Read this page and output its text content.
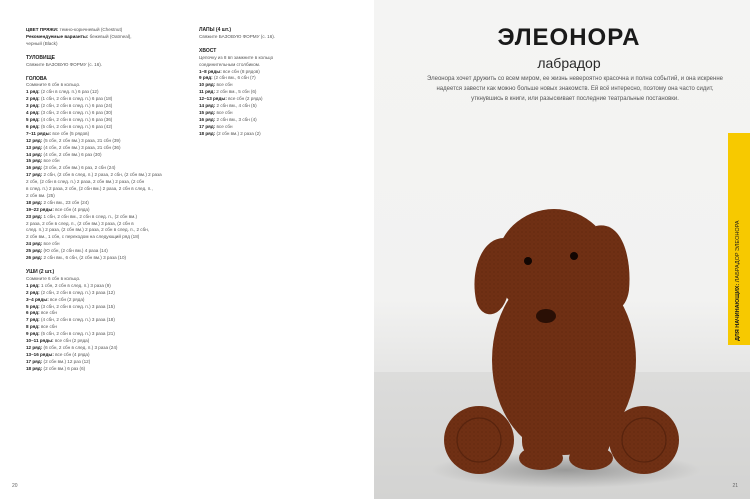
ЦВЕТ ПРЯЖИ: темно-коричневый (Chestnut)
Рекомендуемые варианты: бежевый (Oatmeal),
черный (Black)
ТУЛОВИЩЕ
Свяжите БАЗОВУЮ ФОРМУ (с. 16).
ГОЛОВА
Сомкните 6 сбн в кольцо.
1 ряд: (2 сбн в след. п.) 6 раз (12)
2 ряд: (1 сбн, 2 сбн в след. п.) 6 раз (18)
3 ряд: (2 сбн, 2 сбн в след. п.) 6 раз (24)
4 ряд: (3 сбн, 2 сбн в след. п.) 6 раз (30)
5 ряд: (4 сбн, 2 сбн в след. п.) 6 раз (36)
6 ряд: (5 сбн, 2 сбн в след. п.) 6 раз (42)
7–11 ряды: все сбн (5 рядов)
12 ряд: (5 сбн, 2 сбн вм.) 3 раза, 21 сбн (39)
13 ряд: (4 сбн, 2 сбн вм.) 3 раза, 21 сбн (36)
14 ряд: (4 сбн, 2 сбн вм.) 6 раз (30)
15 ряд: все сбн
16 ряд: (3 сбн, 2 сбн вм.) 6 раз, 2 сбн (24)
17 ряд: 2 сбн, (2 сбн в след. п.) 2 раза, 2 сбн, (2 сбн вм.) 2 раза
2 сбн, (2 сбн в след. п.) 2 раза, 2 сбн вм.) 2 раза, (2 сбн
в след. п.) 2 раза, 2 сбн, (2 сбн вм.) 2 раза, 2 сбн в след. п.,
2 сбн вм. (25)
18 ряд: 2 сбн вм., 23 сбн (24)
19–22 ряды: все сбн (4 ряда)
23 ряд: 1 сбн, 2 сбн вм., 2 сбн в след. п., (2 сбн вм.)
2 раза, 2 сбн в след. п., (2 сбн вм.) 3 раза, (2 сбн в
след. п.) 2 раза, (2 сбн вм.) 2 раза, 2 сбн в след. п., 2 сбн,
2 сбн вм., 1 сбн, с переходом на следующий ряд (18)
24 ряд: все сбн
25 ряд: (Ю сбн, (2 сбн вм.) 4 раза (14)
26 ряд: 2 сбн вм., 6 сбн, (2 сбн вм.) 3 раза (10)
УШИ (2 шт.)
Сомкните 6 сбн в кольцо.
1 ряд: 1 сбн, 2 сбн в след. п.) 3 раза (9)
2 ряд: (2 сбн, 2 сбн в след. п.) 3 раза (12)
3–4 ряды: все сбн (2 ряда)
5 ряд: (3 сбн, 2 сбн в след. п.) 3 раза (15)
6 ряд: все сбн
7 ряд: (4 сбн, 2 сбн в след. п.) 3 раза (18)
8 ряд: все сбн
9 ряд: (5 сбн, 2 сбн в след. п.) 3 раза (21)
10–11 ряды: все сбн (2 ряда)
12 ряд: (6 сбн, 2 сбн в след. п.) 3 раза (24)
13–16 ряды: все сбн (4 ряда)
17 ряд: (2 сбн вм.) 12 раз (12)
18 ряд: (2 сбн вм.) 6 раз (6)
ЛАПЫ (4 шт.)
Свяжите БАЗОВУЮ ФОРМУ (с. 16).
ХВОСТ
Цепочку из 8 вп замкните в кольцо
соединительным столбиком.
1–8 ряды: все сбн (8 рядов)
9 ряд: (2 сбн вм., 6 сбн (7)
10 ряд: все сбн
11 ряд: 2 сбн вм., 5 сбн (6)
12–13 ряды: все сбн (2 ряда)
14 ряд: 2 сбн вм., 4 сбн (5)
15 ряд: все сбн
16 ряд: 2 сбн вм., 3 сбн (4)
17 ряд: все сбн
18 ряд: (2 сбн вм.) 2 раза (2)
20
ЭЛЕОНОРА
лабрадор
Элеонора хочет дружить со всем миром, ее жизнь невероятно красочна и полна событий, и она искренне надеется завести как можно больше новых знакомств. Ей всё интересно, поэтому она часто сидит, уткнувшись в книги, или разыскивает последние театральные постановки.
ДЛЯ НАЧИНАЮЩИХ: ЛАБРАДОР ЭЛЕОНОРА
21
